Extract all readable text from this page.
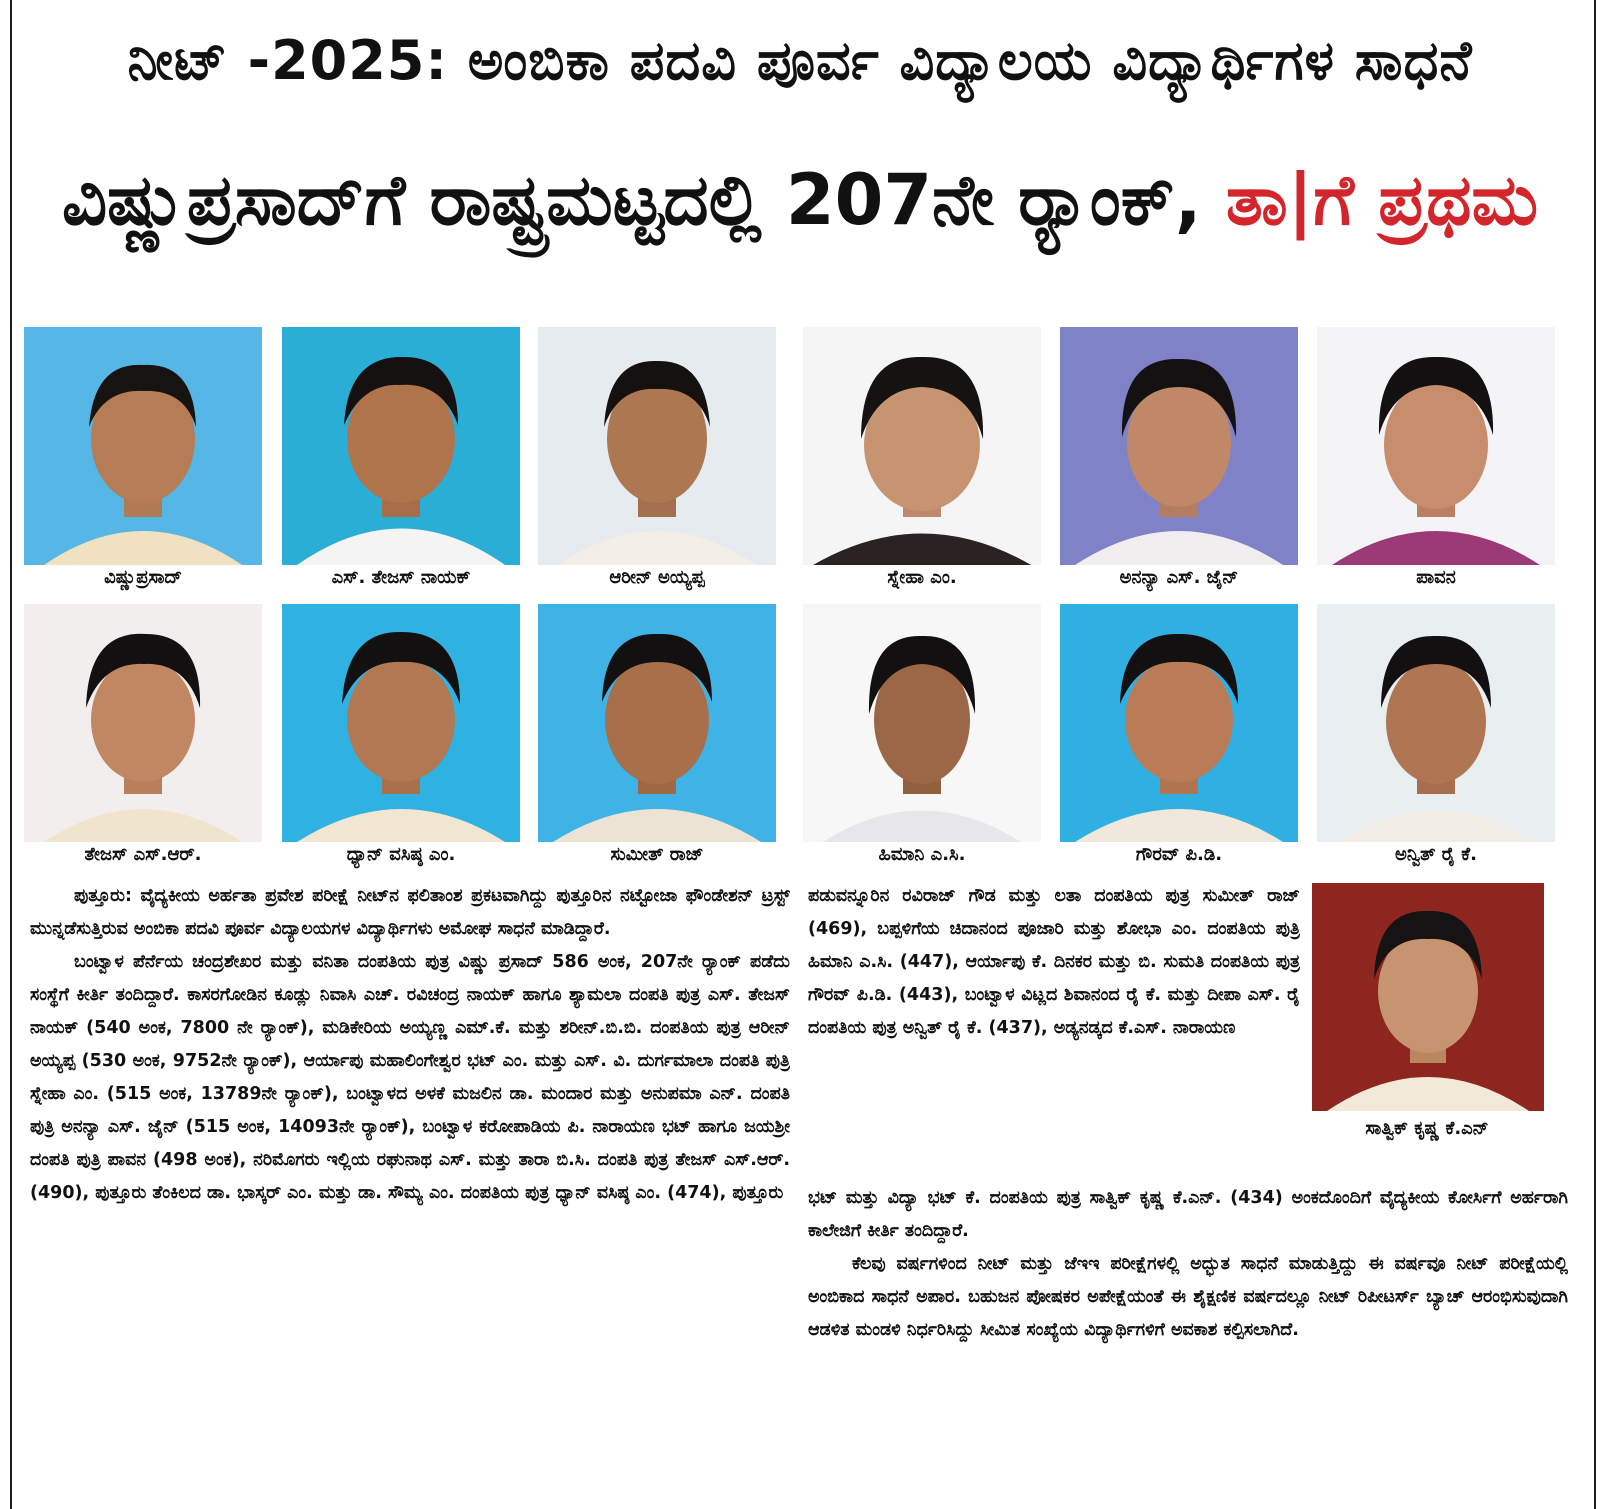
ನೀಟ್ -2025: ಅಂಬಿಕಾ ಪದವಿ ಪೂರ್ವ ವಿದ್ಯಾಲಯ ವಿದ್ಯಾರ್ಥಿಗಳ ಸಾಧನೆ
ವಿಷ್ಣುಪ್ರಸಾದ್‌ಗೆ ರಾಷ್ಟ್ರಮಟ್ಟದಲ್ಲಿ 207ನೇ ರ‍್ಯಾಂಕ್, ತಾ|ಗೆ ಪ್ರಥಮ
ವಿಷ್ಣುಪ್ರಸಾದ್	ಎಸ್. ತೇಜಸ್ ನಾಯಕ್	ಆರೀನ್ ಅಯ್ಯಪ್ಪ	ಸ್ನೇಹಾ ಎಂ.	ಅನನ್ಯಾ ಎಸ್. ಜೈನ್	ಪಾವನ
ತೇಜಸ್ ಎಸ್.ಆರ್.	ಧ್ಯಾನ್ ವಸಿಷ್ಠ ಎಂ.	ಸುಮೀತ್ ರಾಜ್	ಹಿಮಾನಿ ಎ.ಸಿ.	ಗೌರವ್ ಪಿ.ಡಿ.	ಅನ್ವಿತ್ ರೈ ಕೆ.
ಸಾತ್ವಿಕ್ ಕೃಷ್ಣ ಕೆ.ಎನ್

ಪುತ್ತೂರು: ವೈದ್ಯಕೀಯ ಅರ್ಹತಾ ಪ್ರವೇಶ ಪರೀಕ್ಷೆ ನೀಟ್‌ನ ಫಲಿತಾಂಶ ಪ್ರಕಟವಾಗಿದ್ದು ಪುತ್ತೂರಿನ ನಟ್ಟೋಜಾ ಫೌಂಡೇಶನ್ ಟ್ರಸ್ಟ್ ಮುನ್ನಡೆಸುತ್ತಿರುವ ಅಂಬಿಕಾ ಪದವಿ ಪೂರ್ವ ವಿದ್ಯಾಲಯಗಳ ವಿದ್ಯಾರ್ಥಿಗಳು ಅಮೋಘ ಸಾಧನೆ ಮಾಡಿದ್ದಾರೆ.

ಬಂಟ್ವಾಳ ಪೆರ್ನೆಯ ಚಂದ್ರಶೇಖರ ಮತ್ತು ವನಿತಾ ದಂಪತಿಯ ಪುತ್ರ ವಿಷ್ಣು ಪ್ರಸಾದ್ 586 ಅಂಕ, 207ನೇ ರ‍್ಯಾಂಕ್ ಪಡೆದು ಸಂಸ್ಥೆಗೆ ಕೀರ್ತಿ ತಂದಿದ್ದಾರೆ. ಕಾಸರಗೋಡಿನ ಕೂಡ್ಲು ನಿವಾಸಿ ಎಚ್. ರವಿಚಂದ್ರ ನಾಯಕ್ ಹಾಗೂ ಶ್ಯಾಮಲಾ ದಂಪತಿ ಪುತ್ರ ಎಸ್. ತೇಜಸ್ ನಾಯಕ್ (540 ಅಂಕ, 7800 ನೇ ರ‍್ಯಾಂಕ್), ಮಡಿಕೇರಿಯ ಅಯ್ಯಣ್ಣ ಎಮ್.ಕೆ. ಮತ್ತು ಶರೀನ್.ಬಿ.ಬಿ. ದಂಪತಿಯ ಪುತ್ರ ಆರೀನ್ ಅಯ್ಯಪ್ಪ (530 ಅಂಕ, 9752ನೇ ರ‍್ಯಾಂಕ್), ಆರ್ಯಾಪು ಮಹಾಲಿಂಗೇಶ್ವರ ಭಟ್ ಎಂ. ಮತ್ತು ಎಸ್. ವಿ. ದುರ್ಗಮಾಲಾ ದಂಪತಿ ಪುತ್ರಿ ಸ್ನೇಹಾ ಎಂ. (515 ಅಂಕ, 13789ನೇ ರ‍್ಯಾಂಕ್), ಬಂಟ್ವಾಳದ ಅಳಕೆ ಮಜಲಿನ ಡಾ. ಮಂದಾರ ಮತ್ತು ಅನುಪಮಾ ಎನ್. ದಂಪತಿ ಪುತ್ರಿ ಅನನ್ಯಾ ಎಸ್. ಜೈನ್ (515 ಅಂಕ, 14093ನೇ ರ‍್ಯಾಂಕ್), ಬಂಟ್ವಾಳ ಕರೋಪಾಡಿಯ ಪಿ. ನಾರಾಯಣ ಭಟ್ ಹಾಗೂ ಜಯಶ್ರೀ ದಂಪತಿ ಪುತ್ರಿ ಪಾವನ (498 ಅಂಕ), ನರಿಮೊಗರು ಇಲ್ಲಿಯ ರಘುನಾಥ ಎಸ್. ಮತ್ತು ತಾರಾ ಬಿ.ಸಿ. ದಂಪತಿ ಪುತ್ರ ತೇಜಸ್ ಎಸ್.ಆರ್. (490), ಪುತ್ತೂರು ತೆಂಕಿಲದ ಡಾ. ಭಾಸ್ಕರ್ ಎಂ. ಮತ್ತು ಡಾ. ಸೌಮ್ಯ ಎಂ. ದಂಪತಿಯ ಪುತ್ರ ಧ್ಯಾನ್ ವಸಿಷ್ಠ ಎಂ. (474), ಪುತ್ತೂರು

ಪಡುವನ್ನೂರಿನ ರವಿರಾಜ್ ಗೌಡ ಮತ್ತು ಲತಾ ದಂಪತಿಯ ಪುತ್ರ ಸುಮೀತ್ ರಾಜ್ (469), ಬಪ್ಪಳಿಗೆಯ ಚಿದಾನಂದ ಪೂಜಾರಿ ಮತ್ತು ಶೋಭಾ ಎಂ. ದಂಪತಿಯ ಪುತ್ರಿ ಹಿಮಾನಿ ಎ.ಸಿ. (447), ಆರ್ಯಾಪು ಕೆ. ದಿನಕರ ಮತ್ತು ಬಿ. ಸುಮತಿ ದಂಪತಿಯ ಪುತ್ರ ಗೌರವ್ ಪಿ.ಡಿ. (443), ಬಂಟ್ವಾಳ ವಿಟ್ಲದ ಶಿವಾನಂದ ರೈ ಕೆ. ಮತ್ತು ದೀಪಾ ಎಸ್. ರೈ ದಂಪತಿಯ ಪುತ್ರ ಅನ್ವಿತ್ ರೈ ಕೆ. (437), ಅಡ್ಯನಡ್ಕದ ಕೆ.ಎಸ್. ನಾರಾಯಣ

ಭಟ್ ಮತ್ತು ವಿದ್ಯಾ ಭಟ್ ಕೆ. ದಂಪತಿಯ ಪುತ್ರ ಸಾತ್ವಿಕ್ ಕೃಷ್ಣ ಕೆ.ಎನ್. (434) ಅಂಕದೊಂದಿಗೆ ವೈದ್ಯಕೀಯ ಕೋರ್ಸಿಗೆ ಅರ್ಹರಾಗಿ ಕಾಲೇಜಿಗೆ ಕೀರ್ತಿ ತಂದಿದ್ದಾರೆ.

ಕೆಲವು ವರ್ಷಗಳಿಂದ ನೀಟ್ ಮತ್ತು ಜೆಇಇ ಪರೀಕ್ಷೆಗಳಲ್ಲಿ ಅದ್ಭುತ ಸಾಧನೆ ಮಾಡುತ್ತಿದ್ದು ಈ ವರ್ಷವೂ ನೀಟ್ ಪರೀಕ್ಷೆಯಲ್ಲಿ ಅಂಬಿಕಾದ ಸಾಧನೆ ಅಪಾರ. ಬಹುಜನ ಪೋಷಕರ ಅಪೇಕ್ಷೆಯಂತೆ ಈ ಶೈಕ್ಷಣಿಕ ವರ್ಷದಲ್ಲೂ ನೀಟ್ ರಿಪೀಟರ್ಸ್ ಬ್ಯಾಚ್ ಆರಂಭಿಸುವುದಾಗಿ ಆಡಳಿತ ಮಂಡಳಿ ನಿರ್ಧರಿಸಿದ್ದು ಸೀಮಿತ ಸಂಖ್ಯೆಯ ವಿದ್ಯಾರ್ಥಿಗಳಿಗೆ ಅವಕಾಶ ಕಲ್ಪಿಸಲಾಗಿದೆ.
